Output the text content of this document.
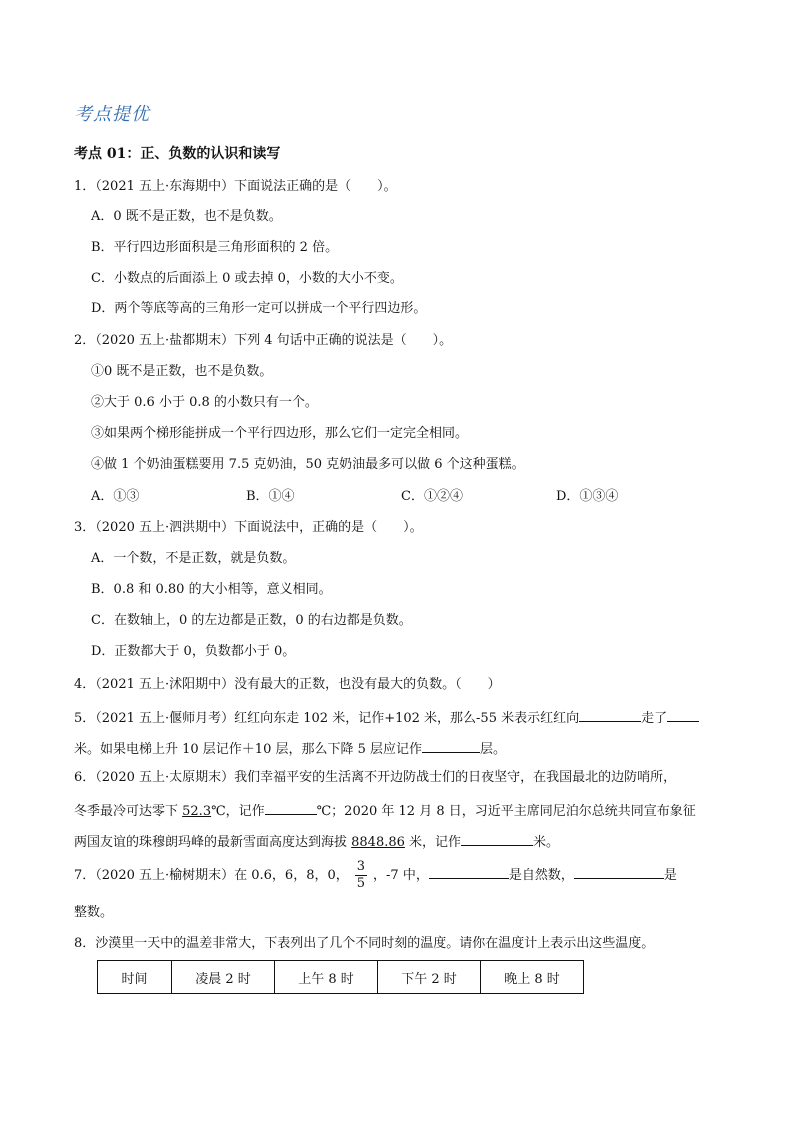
考点提优
考点 01：正、负数的认识和读写
1．（2021 五上·东海期中）下面说法正确的是（　　）。
A．0 既不是正数，也不是负数。
B．平行四边形面积是三角形面积的 2 倍。
C．小数点的后面添上 0 或去掉 0，小数的大小不变。
D．两个等底等高的三角形一定可以拼成一个平行四边形。
2．（2020 五上·盐都期末）下列 4 句话中正确的说法是（　　）。
①0 既不是正数，也不是负数。
②大于 0.6 小于 0.8 的小数只有一个。
③如果两个梯形能拼成一个平行四边形，那么它们一定完全相同。
④做 1 个奶油蛋糕要用 7.5 克奶油，50 克奶油最多可以做 6 个这种蛋糕。
A．①③	B．①④	C．①②④	D．①③④
3．（2020 五上·泗洪期中）下面说法中，正确的是（　　）。
A．一个数，不是正数，就是负数。
B．0.8 和 0.80 的大小相等，意义相同。
C．在数轴上，0 的左边都是正数，0 的右边都是负数。
D．正数都大于 0，负数都小于 0。
4．（2021 五上·沭阳期中）没有最大的正数，也没有最大的负数。（　　）
5．（2021 五上·偃师月考）红红向东走 102 米，记作+102 米，那么-55 米表示红红向	走了
米。如果电梯上升 10 层记作＋10 层，那么下降 5 层应记作	层。
6．（2020 五上·太原期末）我们幸福平安的生活离不开边防战士们的日夜坚守，在我国最北的边防哨所，
冬季最冷可达零下 52.3℃，记作	℃；2020 年 12 月 8 日，习近平主席同尼泊尔总统共同宣布象征
两国友谊的珠穆朗玛峰的最新雪面高度达到海拔 8848.86 米，记作	米。
7．（2020 五上·榆树期末）在 0.6，6，8，0， $\frac{3}{5}$ ，-7 中，	是自然数，	是
整数。
8．沙漠里一天中的温差非常大，下表列出了几个不同时刻的温度。请你在温度计上表示出这些温度。
时间	凌晨 2 时	上午 8 时	下午 2 时	晚上 8 时
